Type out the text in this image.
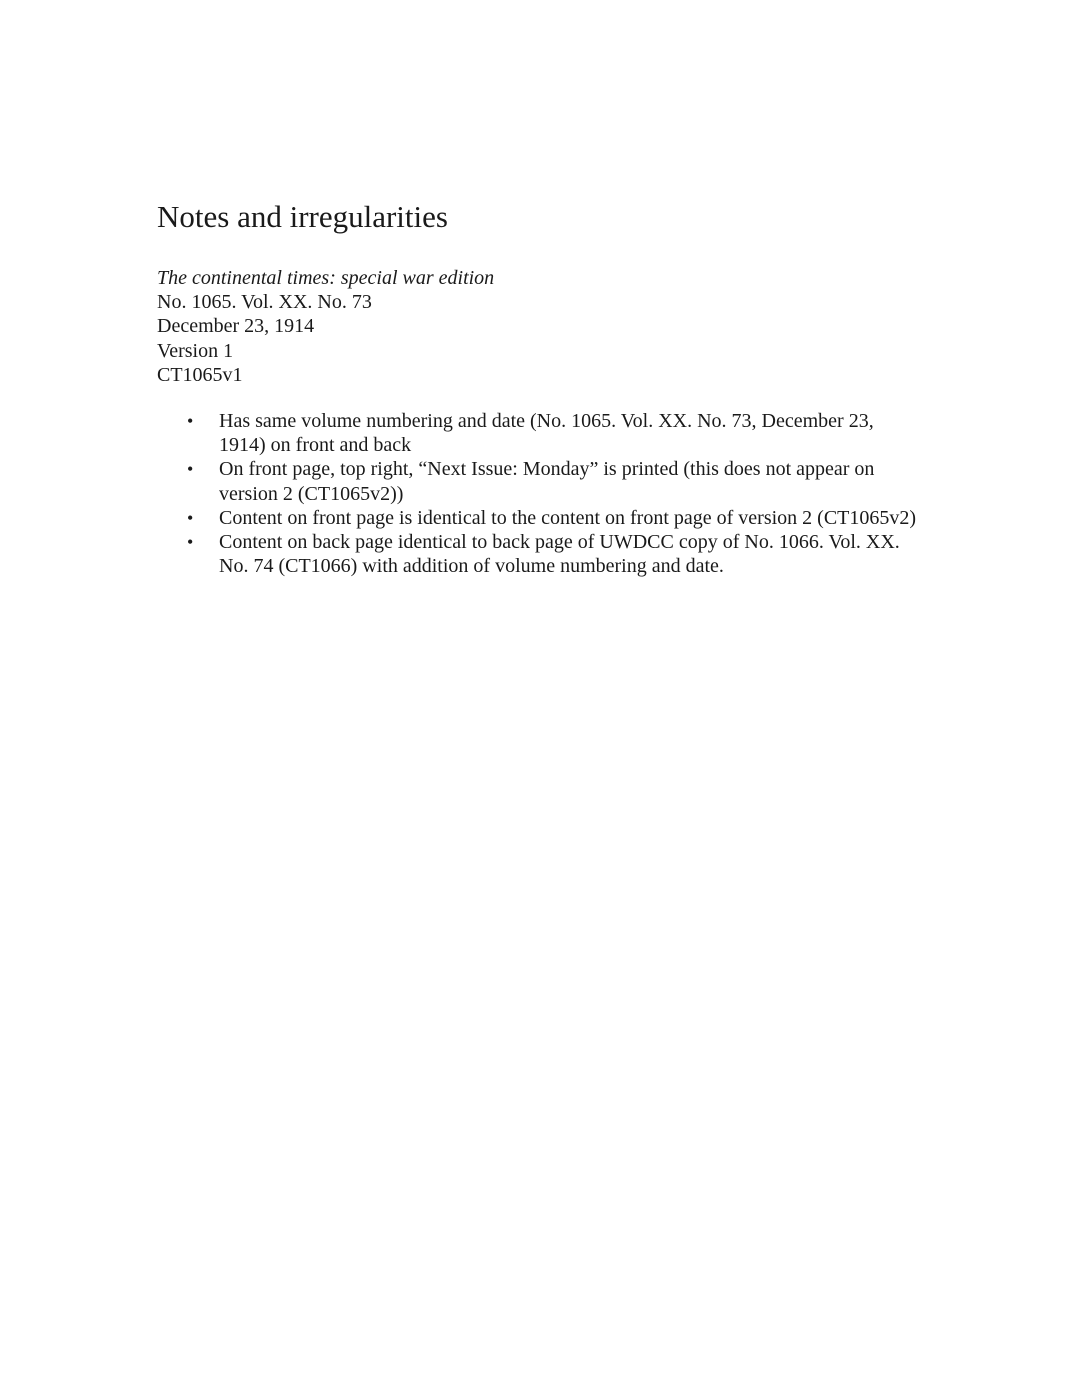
Notes and irregularities
The continental times: special war edition
No. 1065. Vol. XX. No. 73
December 23, 1914
Version 1
CT1065v1
• Has same volume numbering and date (No. 1065. Vol. XX. No. 73, December 23, 1914) on front and back
• On front page, top right, “Next Issue: Monday” is printed (this does not appear on version 2 (CT1065v2))
• Content on front page is identical to the content on front page of version 2 (CT1065v2)
• Content on back page identical to back page of UWDCC copy of No. 1066. Vol. XX. No. 74 (CT1066) with addition of volume numbering and date.
